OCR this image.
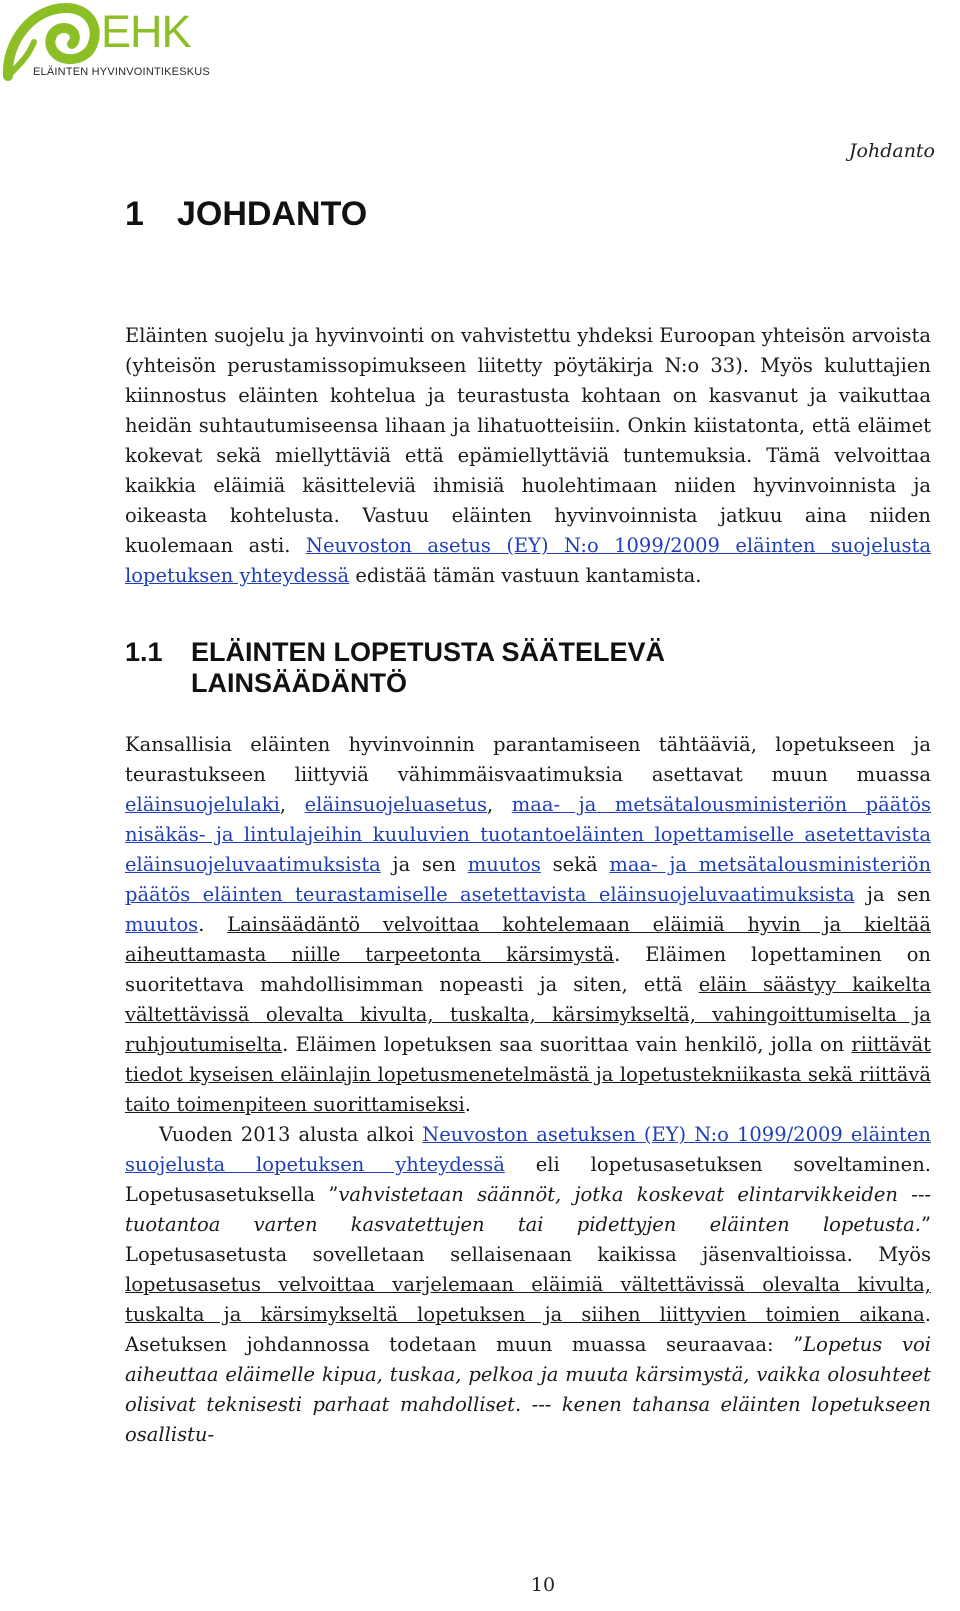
EHK
ELÄINTEN HYVINVOINTIKESKUS
Johdanto
1 JOHDANTO
Eläinten suojelu ja hyvinvointi on vahvistettu yhdeksi Euroopan yhteisön arvoista (yhteisön perustamissopimukseen liitetty pöytäkirja N:o 33). Myös kuluttajien kiinnostus eläinten kohtelua ja teurastusta kohtaan on kasvanut ja vaikuttaa heidän suhtautumiseensa lihaan ja lihatuotteisiin. Onkin kiistatonta, että eläimet kokevat sekä miellyttäviä että epämiellyttäviä tuntemuksia. Tämä velvoittaa kaikkia eläimiä käsitteleviä ihmisiä huolehtimaan niiden hyvinvoinnista ja oikeasta kohtelusta. Vastuu eläinten hyvinvoinnista jatkuu aina niiden kuolemaan asti. Neuvoston asetus (EY) N:o 1099/2009 eläinten suojelusta lopetuksen yhteydessä edistää tämän vastuun kantamista.
1.1 ELÄINTEN LOPETUSTA SÄÄTELEVÄ LAINSÄÄDÄNTÖ
Kansallisia eläinten hyvinvoinnin parantamiseen tähtääviä, lopetukseen ja teurastukseen liittyviä vähimmäisvaatimuksia asettavat muun muassa eläinsuojelulaki, eläinsuojeluasetus, maa- ja metsätalousministeriön päätös nisäkäs- ja lintulajeihin kuuluvien tuotantoeläinten lopettamiselle asetettavista eläinsuojeluvaatimuksista ja sen muutos sekä maa- ja metsätalousministeriön päätös eläinten teurastamiselle asetettavista eläinsuojeluvaatimuksista ja sen muutos. Lainsäädäntö velvoittaa kohtelemaan eläimiä hyvin ja kieltää aiheuttamasta niille tarpeetonta kärsimystä. Eläimen lopettaminen on suoritettava mahdollisimman nopeasti ja siten, että eläin säästyy kaikelta vältettävissä olevalta kivulta, tuskalta, kärsimykseltä, vahingoittumiselta ja ruhjoutumiselta. Eläimen lopetuksen saa suorittaa vain henkilö, jolla on riittävät tiedot kyseisen eläinlajin lopetusmenetelmästä ja lopetustekniikasta sekä riittävä taito toimenpiteen suorittamiseksi.
Vuoden 2013 alusta alkoi Neuvoston asetuksen (EY) N:o 1099/2009 eläinten suojelusta lopetuksen yhteydessä eli lopetusasetuksen soveltaminen. Lopetusasetuksella ”vahvistetaan säännöt, jotka koskevat elintarvikkeiden --- tuotantoa varten kasvatettujen tai pidettyjen eläinten lopetusta.” Lopetusasetusta sovelletaan sellaisenaan kaikissa jäsenvaltioissa. Myös lopetusasetus velvoittaa varjelemaan eläimiä vältettävissä olevalta kivulta, tuskalta ja kärsimykseltä lopetuksen ja siihen liittyvien toimien aikana. Asetuksen johdannossa todetaan muun muassa seuraavaa: ”Lopetus voi aiheuttaa eläimelle kipua, tuskaa, pelkoa ja muuta kärsimystä, vaikka olosuhteet olisivat teknisesti parhaat mahdolliset. --- kenen tahansa eläinten lopetukseen osallistu-
10
